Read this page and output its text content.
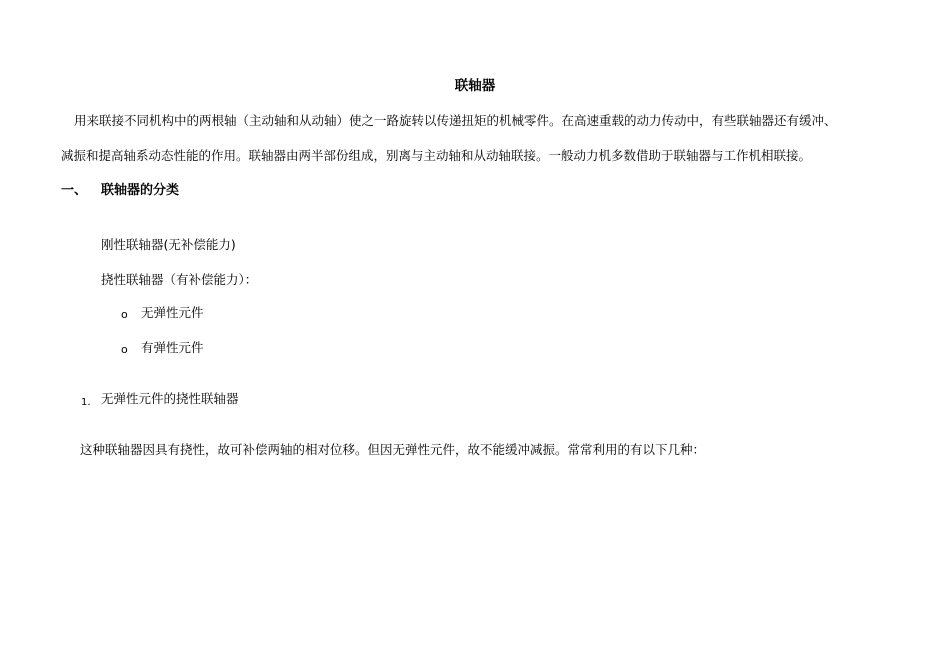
联轴器
用来联接不同机构中的两根轴（主动轴和从动轴）使之一路旋转以传递扭矩的机械零件。在高速重载的动力传动中，有些联轴器还有缓冲、
减振和提高轴系动态性能的作用。联轴器由两半部份组成，别离与主动轴和从动轴联接。一般动力机多数借助于联轴器与工作机相联接。
一、 联轴器的分类
刚性联轴器(无补偿能力)
挠性联轴器（有补偿能力）：
o 无弹性元件
o 有弹性元件
1. 无弹性元件的挠性联轴器
这种联轴器因具有挠性，故可补偿两轴的相对位移。但因无弹性元件，故不能缓冲减振。常常利用的有以下几种：
